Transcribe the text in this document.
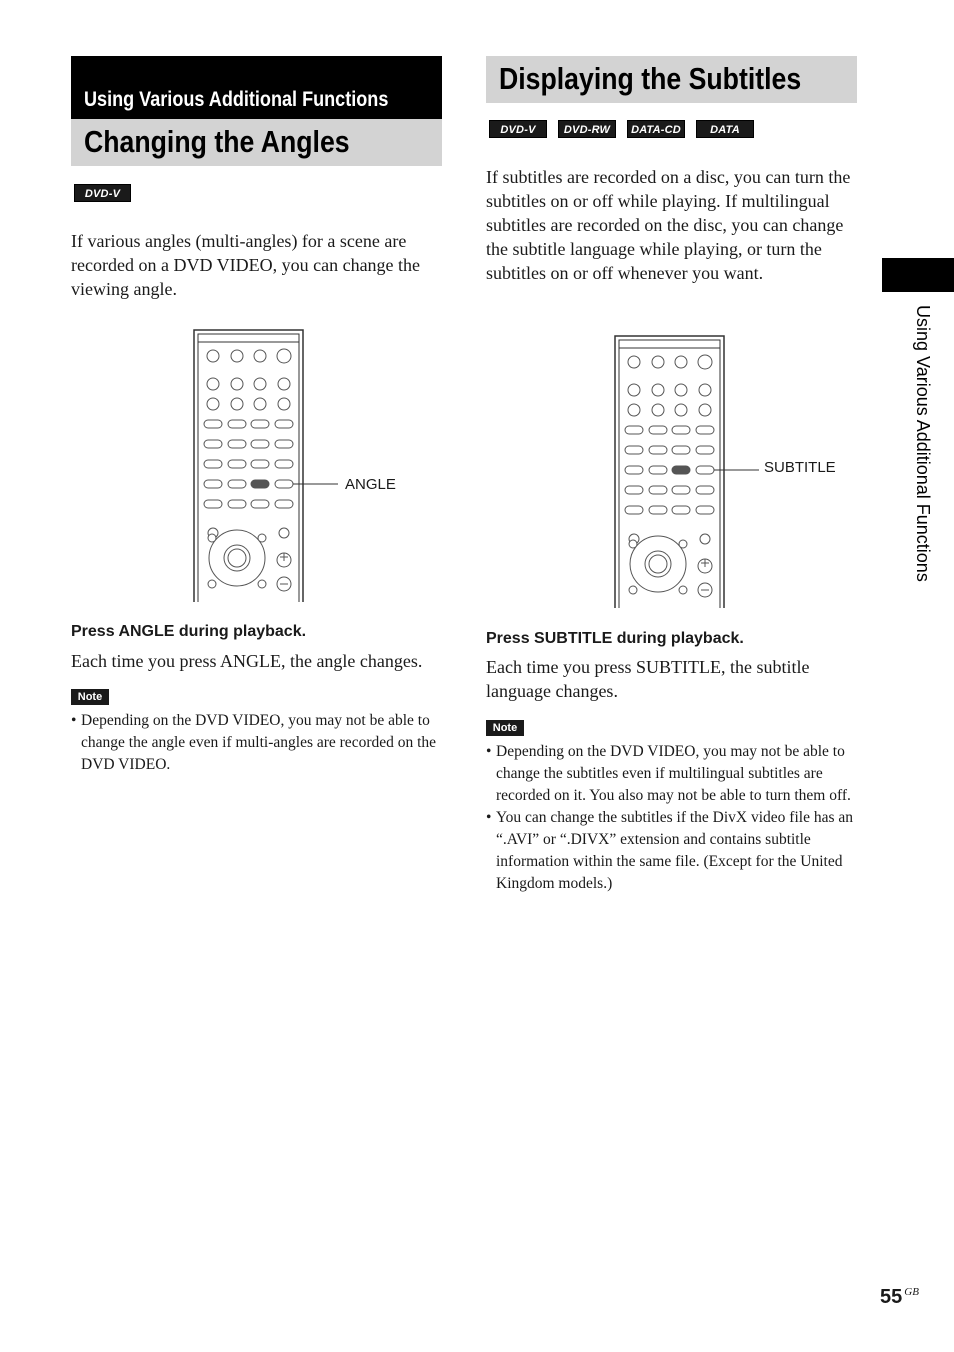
Using Various Additional Functions
Changing the Angles
DVD-V
If various angles (multi-angles) for a scene are recorded on a DVD VIDEO, you can change the viewing angle.
ANGLE
Press ANGLE during playback.
Each time you press ANGLE, the angle changes.
Note
• Depending on the DVD VIDEO, you may not be able to change the angle even if multi-angles are recorded on the DVD VIDEO.
Displaying the Subtitles
DVD-V	DVD-RW	DATA-CD	DATA DVD
If subtitles are recorded on a disc, you can turn the subtitles on or off while playing. If multilingual subtitles are recorded on the disc, you can change the subtitle language while playing, or turn the subtitles on or off whenever you want.
SUBTITLE
Press SUBTITLE during playback.
Each time you press SUBTITLE, the subtitle language changes.
Note
• Depending on the DVD VIDEO, you may not be able to change the subtitles even if multilingual subtitles are recorded on it. You also may not be able to turn them off.
• You can change the subtitles if the DivX video file has an “.AVI” or “.DIVX” extension and contains subtitle information within the same file. (Except for the United Kingdom models.)
Using Various Additional Functions
55 $^{GB}$
